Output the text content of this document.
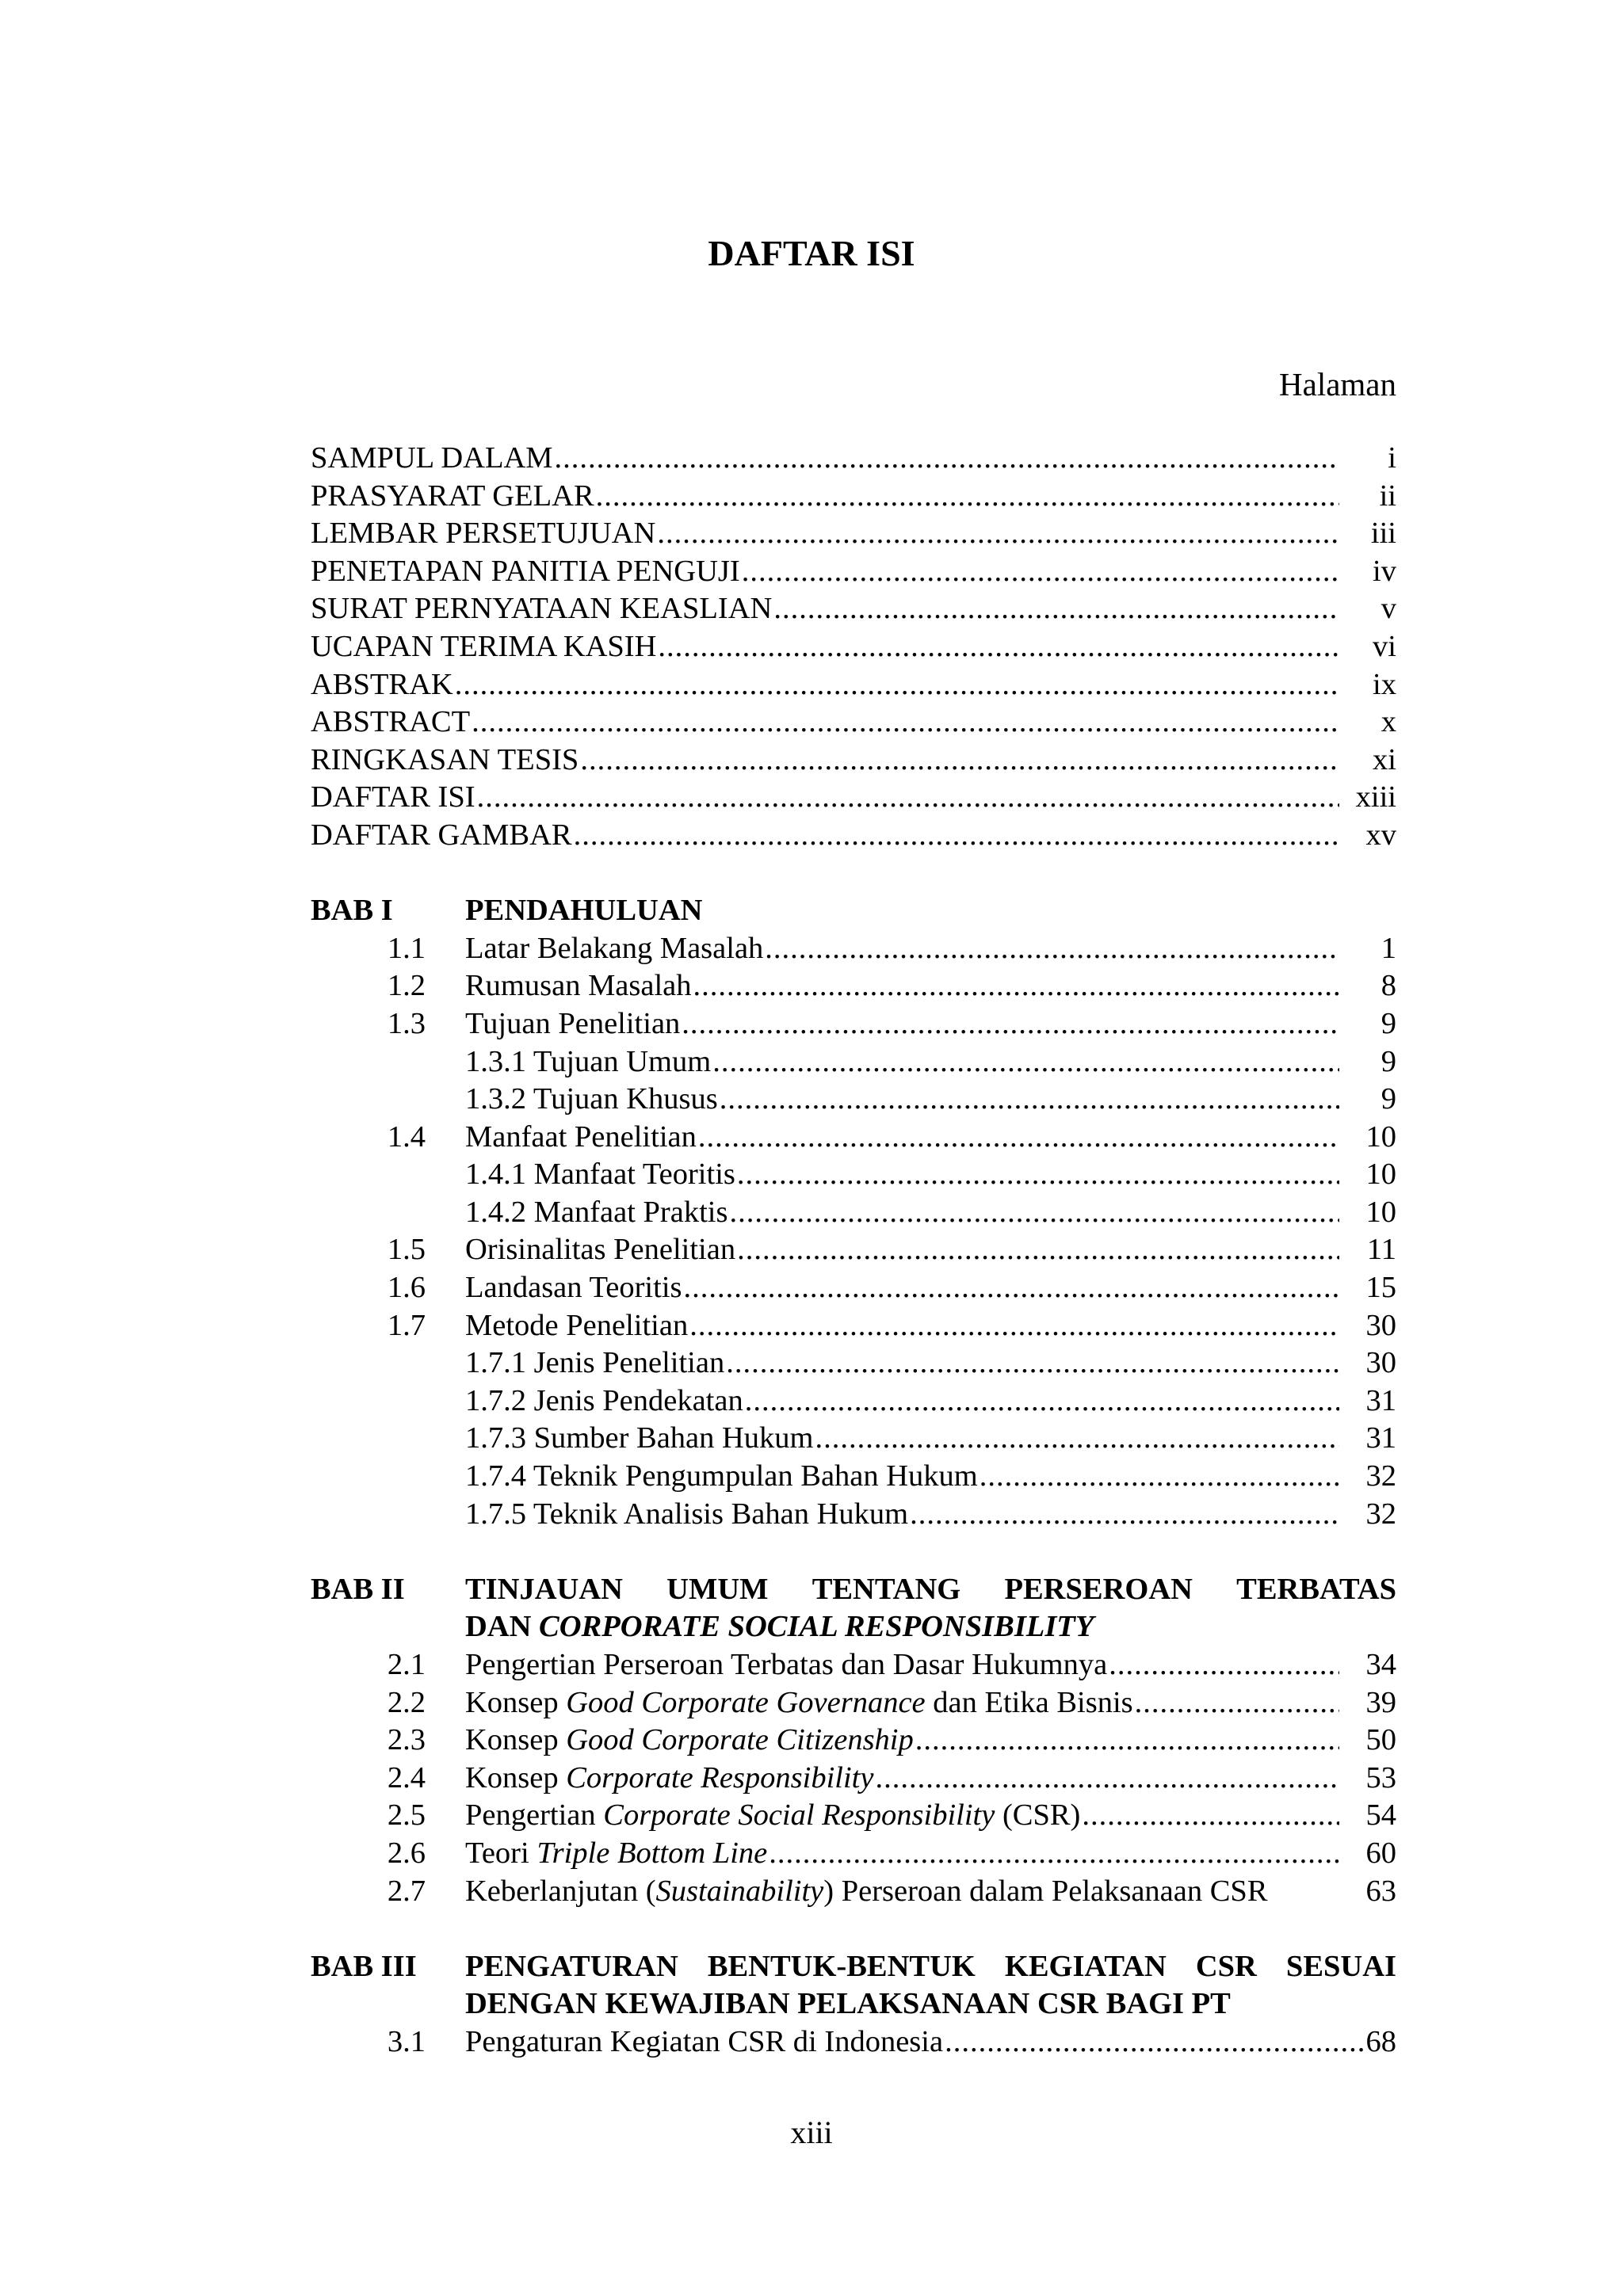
DAFTAR ISI
Halaman
SAMPUL DALAM .....	i
PRASYARAT GELAR .....	ii
LEMBAR PERSETUJUAN .....	iii
PENETAPAN PANITIA PENGUJI .....	iv
SURAT PERNYATAAN KEASLIAN .....	v
UCAPAN TERIMA KASIH .....	vi
ABSTRAK .....	ix
ABSTRACT .....	x
RINGKASAN TESIS .....	xi
DAFTAR ISI .....	xiii
DAFTAR GAMBAR .....	xv
BAB I	PENDAHULUAN
1.1	Latar Belakang Masalah .....	1
1.2	Rumusan Masalah .....	8
1.3	Tujuan Penelitian .....	9
1.3.1 Tujuan Umum .....	9
1.3.2 Tujuan Khusus .....	9
1.4	Manfaat Penelitian .....	10
1.4.1 Manfaat Teoritis .....	10
1.4.2 Manfaat Praktis .....	10
1.5	Orisinalitas Penelitian .....	11
1.6	Landasan Teoritis .....	15
1.7	Metode Penelitian .....	30
1.7.1 Jenis Penelitian .....	30
1.7.2 Jenis Pendekatan .....	31
1.7.3 Sumber Bahan Hukum .....	31
1.7.4 Teknik Pengumpulan Bahan Hukum .....	32
1.7.5 Teknik Analisis Bahan Hukum .....	32
BAB II	TINJAUAN UMUM TENTANG PERSEROAN TERBATAS
DAN CORPORATE SOCIAL RESPONSIBILITY
2.1	Pengertian Perseroan Terbatas dan Dasar Hukumnya .....	34
2.2	Konsep Good Corporate Governance dan Etika Bisnis .....	39
2.3	Konsep Good Corporate Citizenship .....	50
2.4	Konsep Corporate Responsibility .....	53
2.5	Pengertian Corporate Social Responsibility (CSR) .....	54
2.6	Teori Triple Bottom Line .....	60
2.7	Keberlanjutan (Sustainability) Perseroan dalam Pelaksanaan CSR	63
BAB III	PENGATURAN BENTUK-BENTUK KEGIATAN CSR SESUAI
DENGAN KEWAJIBAN PELAKSANAAN CSR BAGI PT
3.1	Pengaturan Kegiatan CSR di Indonesia .....	68
xiii
